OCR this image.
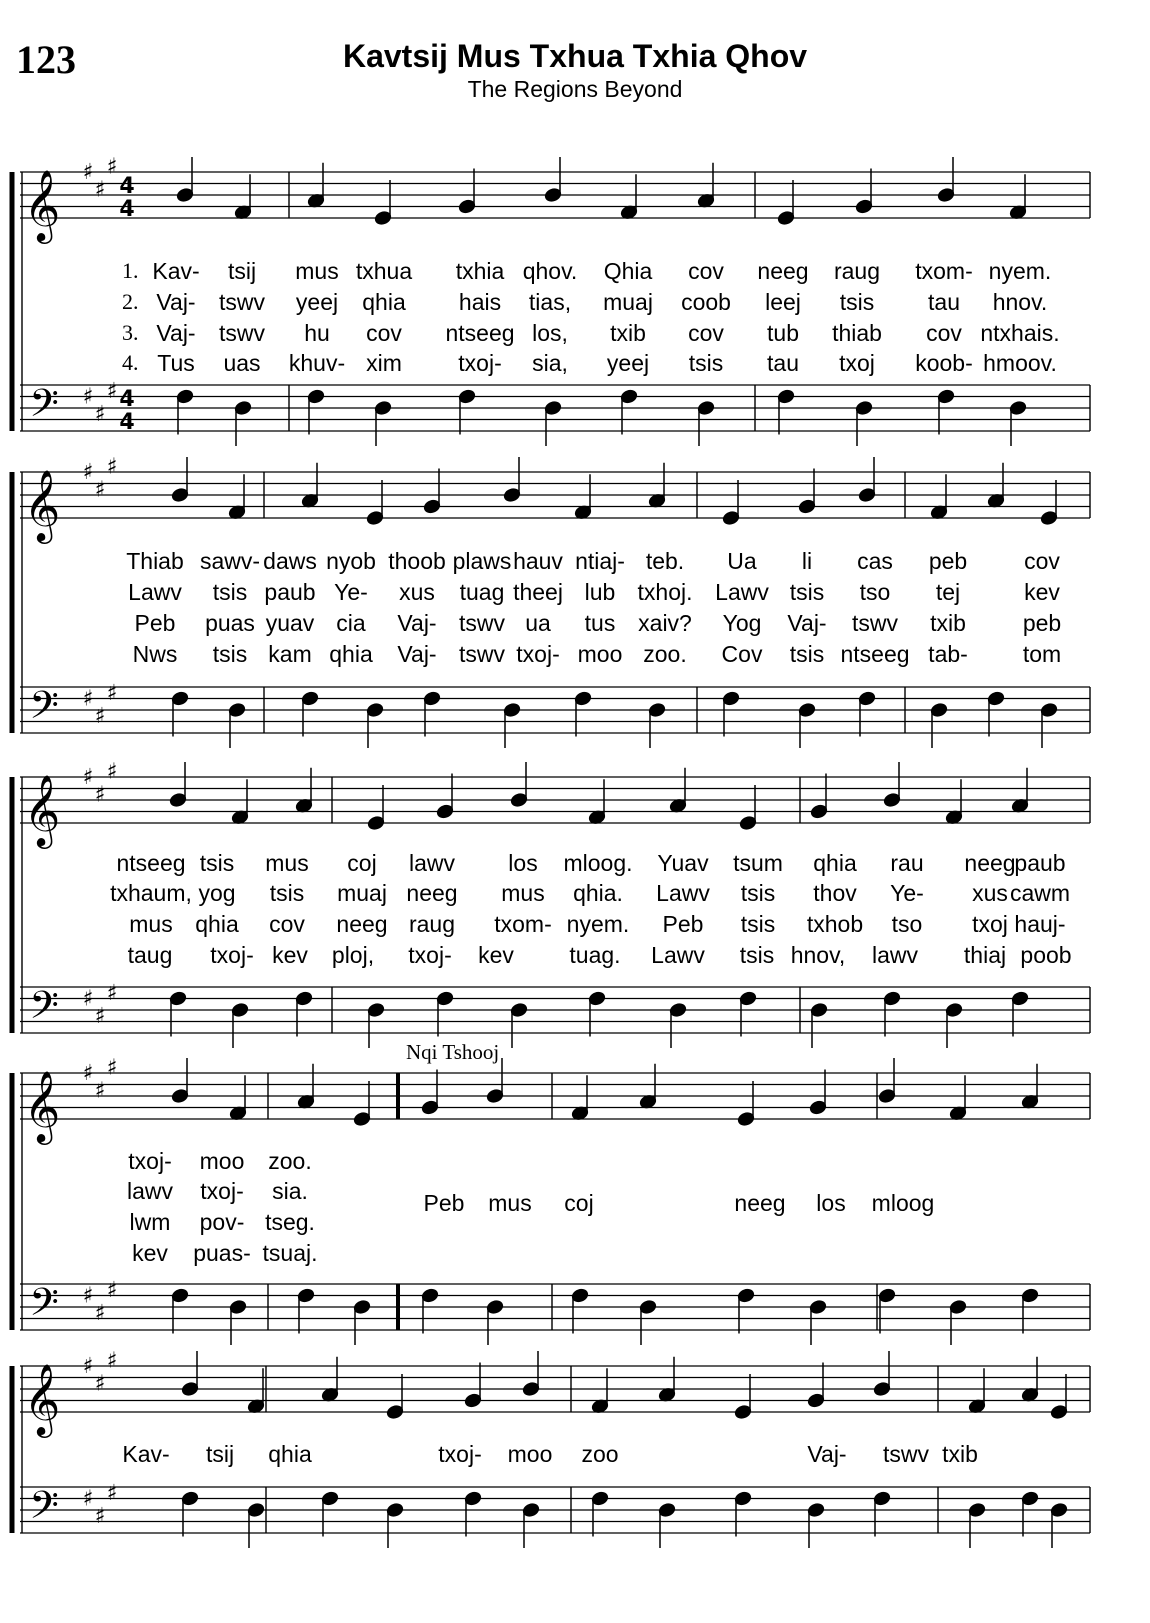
123	Kavtsij Mus Txhua Txhia Qhov
The Regions Beyond
𝄞
𝄢
♯
♯
♯
♯
♯
♯
4
4
4
4
𝄞
𝄢
♯
♯
♯
♯
♯
♯
𝄞
𝄢
♯
♯
♯
♯
♯
♯
𝄞
𝄢
♯
♯
♯
♯
♯
♯
𝄞
𝄢
♯
♯
♯
♯
♯
♯
1.
2.
3.
4.
Kav- tsij mus txhua txhia qhov. Qhia cov neeg raug txom- nyem.
Vaj- tswv yeej qhia hais tias, muaj coob leej tsis tau hnov.
Vaj- tswv hu cov ntseeg los, txib cov tub thiab cov ntxhais.
Tus uas khuv- xim txoj- sia, yeej tsis tau txoj koob- hmoov.
Thiab sawv- daws nyob thoob plaws hauv ntiaj- teb. Ua li cas peb cov
Lawv tsis paub Ye- xus tuag theej lub txhoj. Lawv tsis tso tej	kev
Peb puas yuav cia Vaj- tswv ua tus xaiv? Yog Vaj- tswv txib peb
Nws tsis kam qhia Vaj- tswv txoj- moo zoo. Cov tsis ntseeg tab- tom
ntseeg tsis mus coj lawv los mloog. Yuav tsum qhia rau neeg
paub
txhaum, yog tsis muaj neeg mus qhia. Lawv tsis thov Ye- xus cawm
mus qhia cov neeg raug txom- nyem. Peb tsis txhob tso txoj hauj-
taug txoj- kev ploj, txoj- kev tuag. Lawv tsis hnov, lawv thiaj poob
txoj- moo zoo.
lawv txoj- sia.
lwm pov- tseg.
kev puas- tsuaj.
Peb mus coj	neeg los mloog
Kav- tsij qhia	txoj- moo zoo	Vaj- tswv txib
Nqi Tshooj
